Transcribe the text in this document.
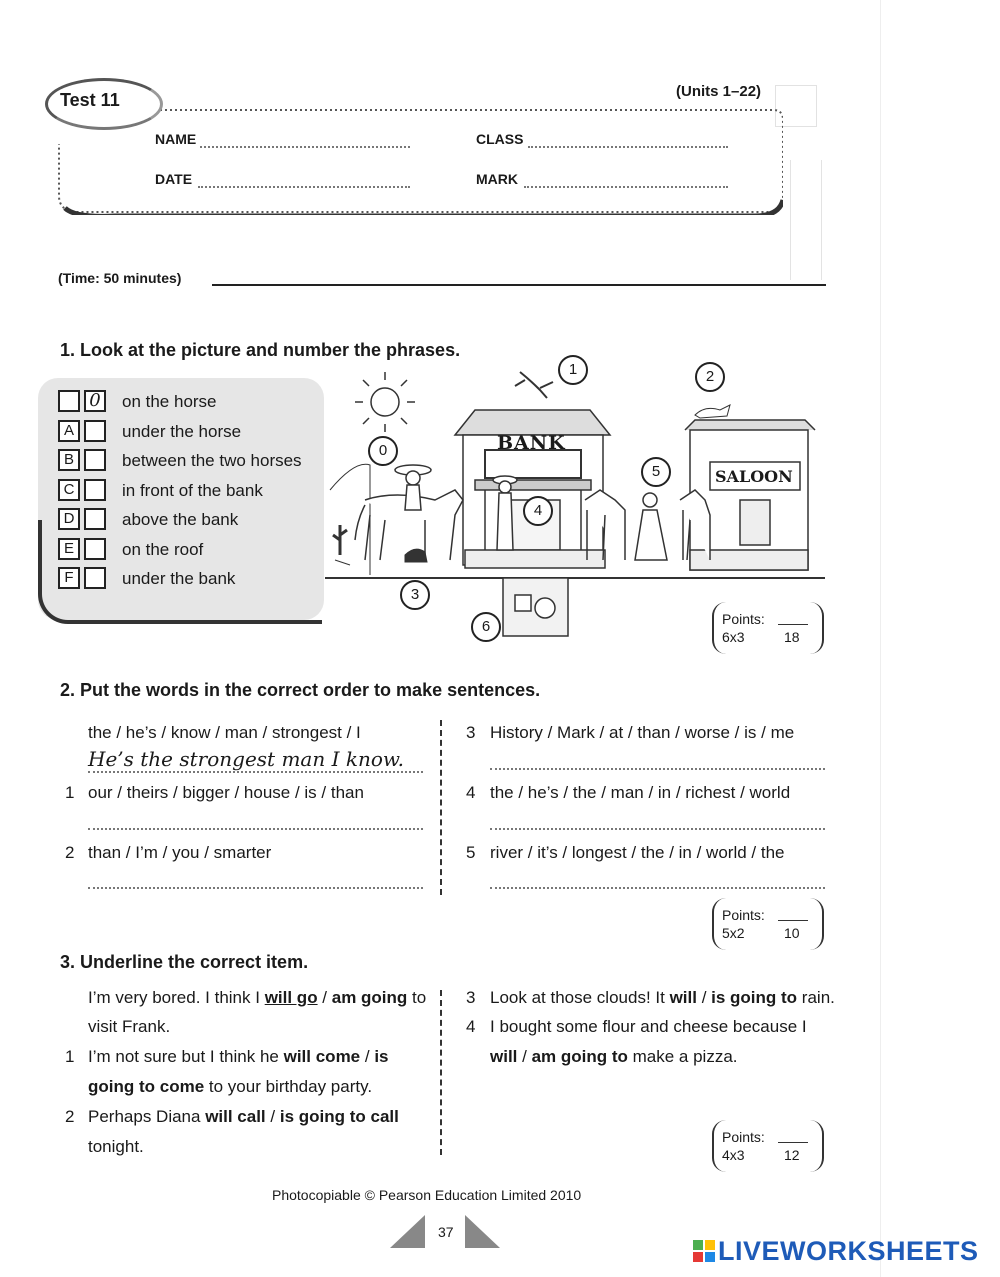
Test 11	(Units 1–22)
NAME	CLASS
DATE	MARK
(Time: 50 minutes)
1. Look at the picture and number the phrases.
0	on the horse
A	under the horse
B	between the two horses
C	in front of the bank
D	above the bank
E	on the roof
F	under the bank
BANK
SALOON
0
1	2
3
4
5
6	Points:
6x3	18
2. Put the words in the correct order to make sentences.
the / he’s / know / man / strongest / I
He’s the strongest man I know.
1 our / theirs / bigger / house / is / than
2 than / I’m / you / smarter
3 History / Mark / at / than / worse / is / me
4 the / he’s / the / man / in / richest / world
5 river / it’s / longest / the / in / world / the
Points:
5x2	10
3. Underline the correct item.
I’m very bored. I think I will go / am going to
visit Frank.
1 I’m not sure but I think he will come / is
going to come to your birthday party.
2 Perhaps Diana will call / is going to call
tonight.
3 Look at those clouds! It will / is going to rain.
4 I bought some flour and cheese because I
will / am going to make a pizza.
Points:
4x3	12
Photocopiable © Pearson Education Limited 2010
37
LIVEWORKSHEETS
